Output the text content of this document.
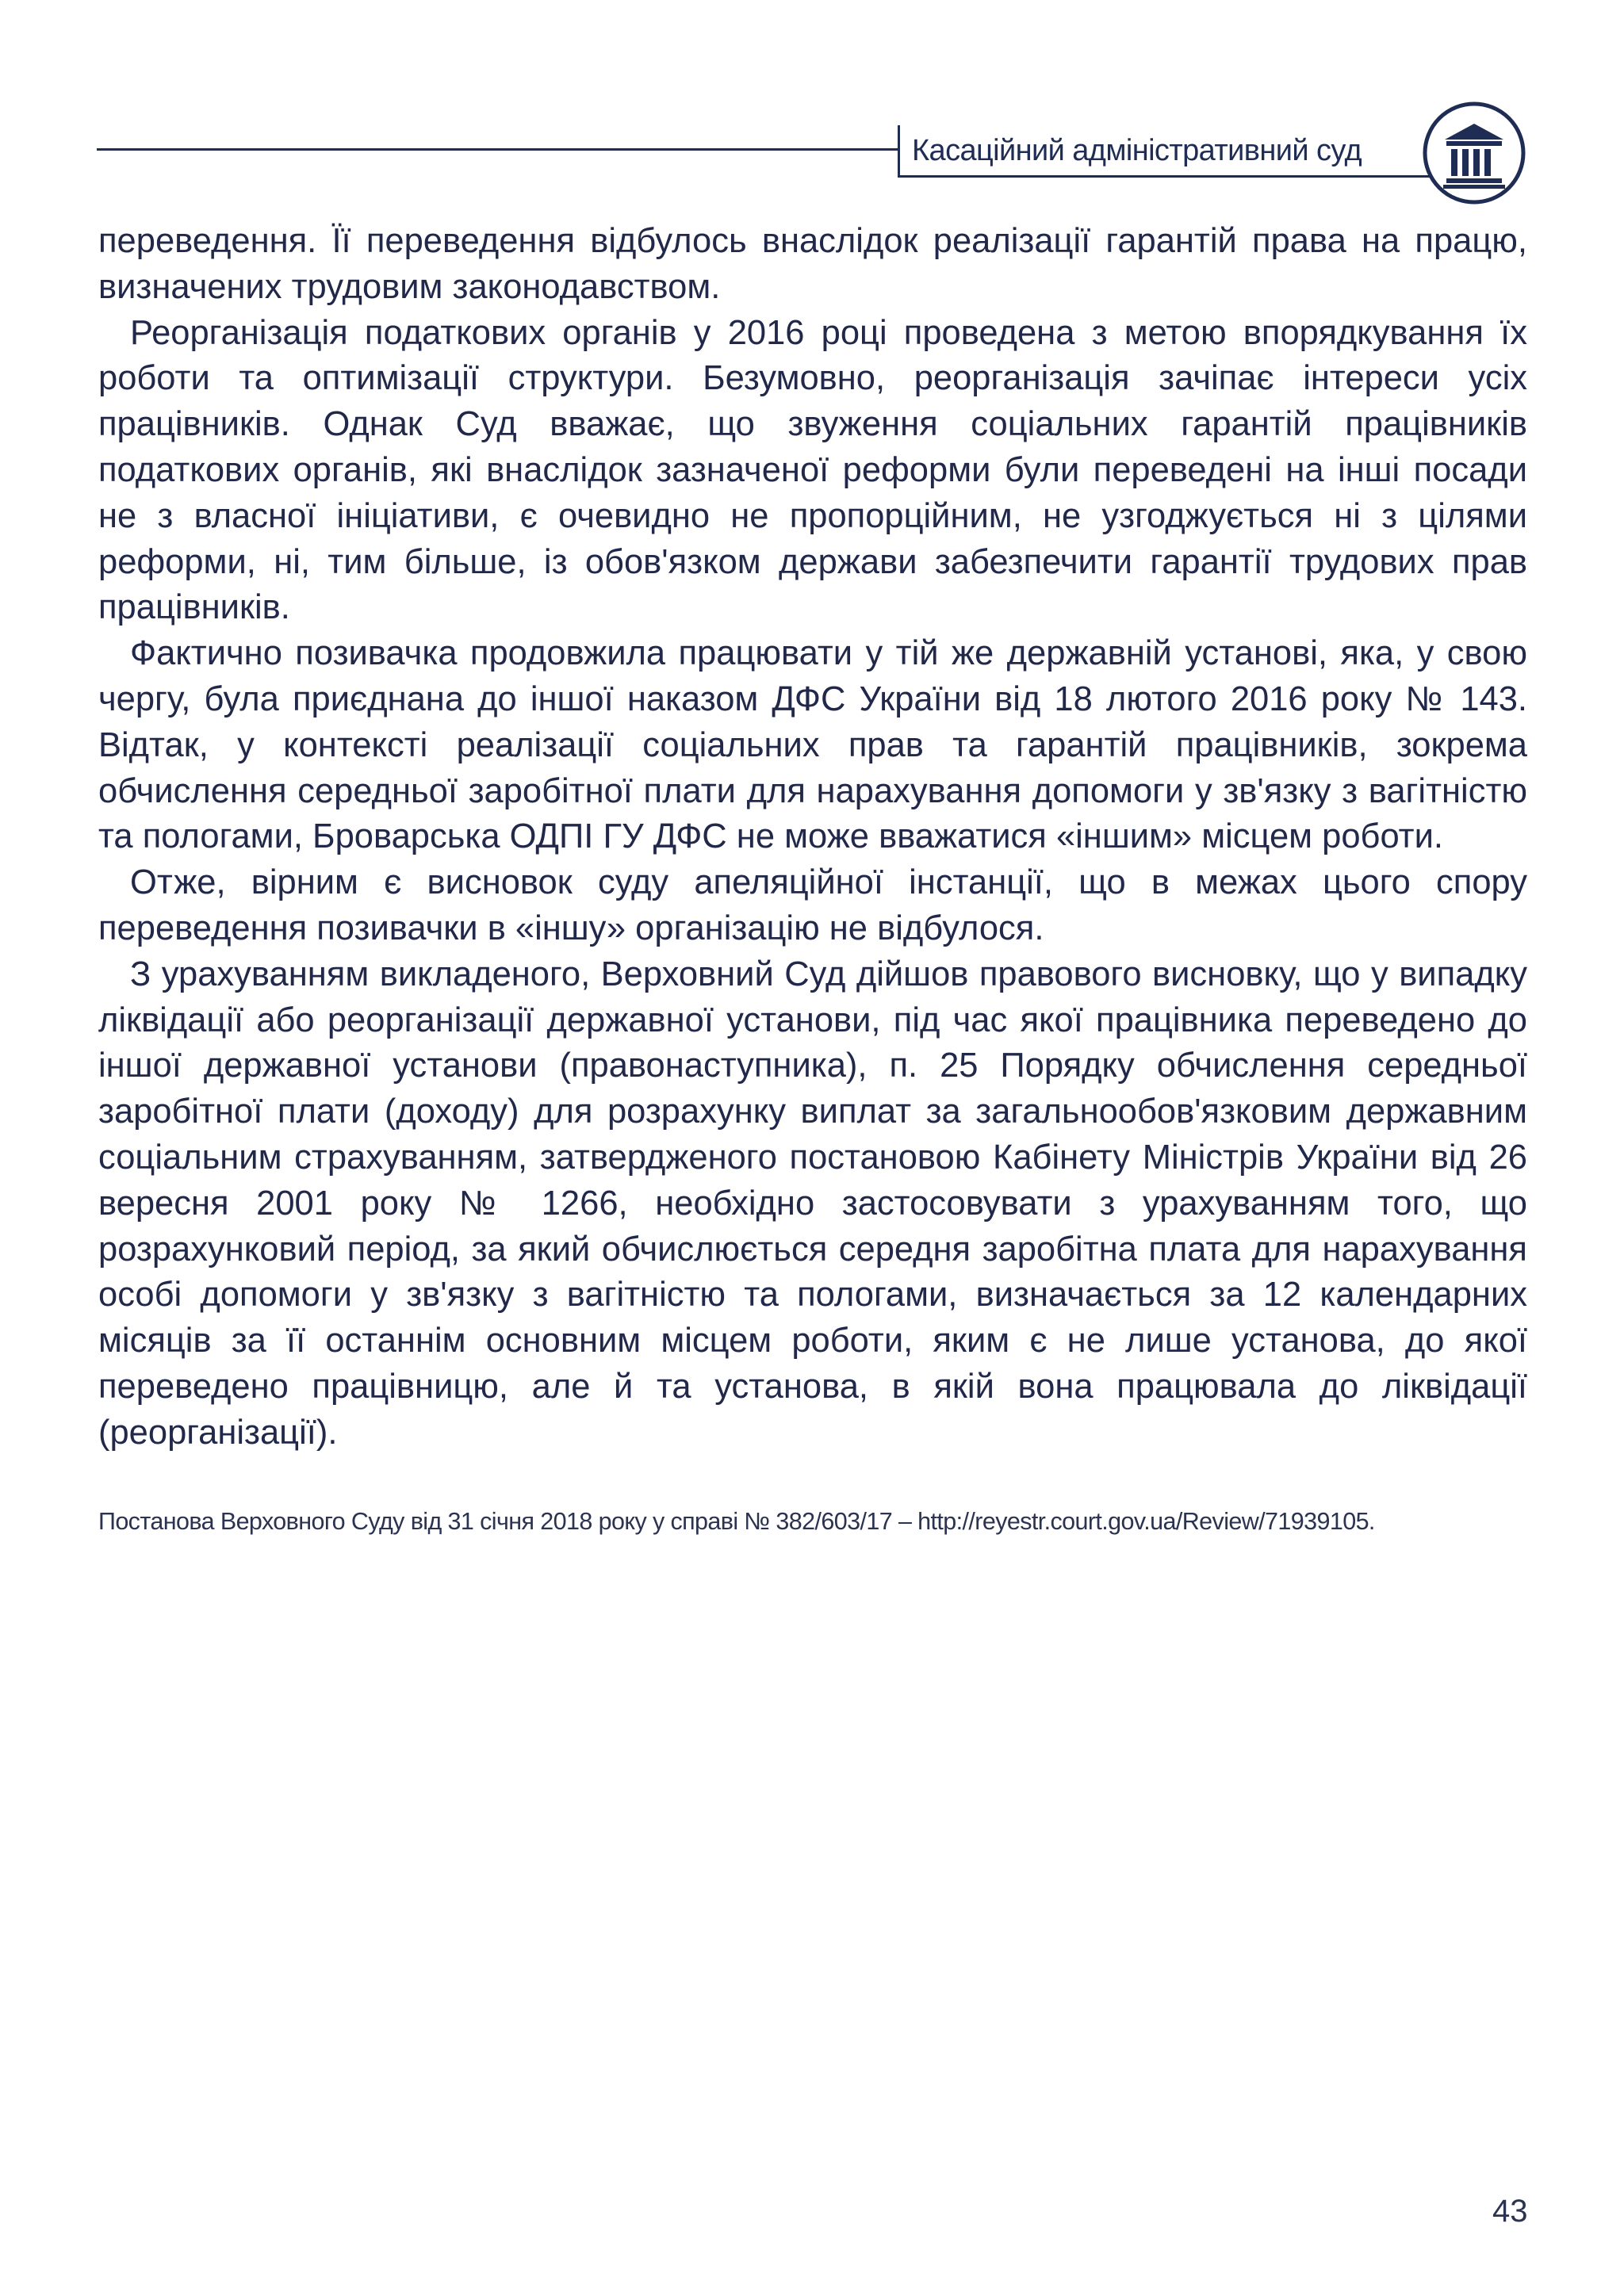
Касаційний адміністративний суд

переведення. Її переведення відбулось внаслідок реалізації гарантій права на працю, визначених трудовим законодавством.

Реорганізація податкових органів у 2016 році проведена з метою впорядкування їх роботи та оптимізації структури. Безумовно, реорганізація зачіпає інтереси усіх працівників. Однак Суд вважає, що звуження соціальних гарантій працівників податкових органів, які внаслідок зазначеної реформи були переведені на інші посади не з власної ініціативи, є очевидно не пропорційним, не узгоджується ні з цілями реформи, ні, тим більше, із обов'язком держави забезпечити гарантії трудових прав працівників.

Фактично позивачка продовжила працювати у тій же державній установі, яка, у свою чергу, була приєднана до іншої наказом ДФС України від 18 лютого 2016 року № 143. Відтак, у контексті реалізації соціальних прав та гарантій працівників, зокрема обчислення середньої заробітної плати для нарахування допомоги у зв'язку з вагітністю та пологами, Броварська ОДПІ ГУ ДФС не може вважатися «іншим» місцем роботи.

Отже, вірним є висновок суду апеляційної інстанції, що в межах цього спору переведення позивачки в «іншу» організацію не відбулося.

З урахуванням викладеного, Верховний Суд дійшов правового висновку, що у випадку ліквідації або реорганізації державної установи, під час якої працівника переведено до іншої державної установи (правонаступника), п. 25 Порядку обчислення середньої заробітної плати (доходу) для розрахунку виплат за загальнообов'язковим державним соціальним страхуванням, затвердженого постановою Кабінету Міністрів України від 26 вересня 2001 року № 1266, необхідно застосовувати з урахуванням того, що розрахунковий період, за який обчислюється середня заробітна плата для нарахування особі допомоги у зв'язку з вагітністю та пологами, визначається за 12 календарних місяців за її останнім основним місцем роботи, яким є не лише установа, до якої переведено працівницю, але й та установа, в якій вона працювала до ліквідації (реорганізації).

Постанова Верховного Суду від 31 січня 2018 року у справі № 382/603/17 – http://reyestr.court.gov.ua/Review/71939105.
43
